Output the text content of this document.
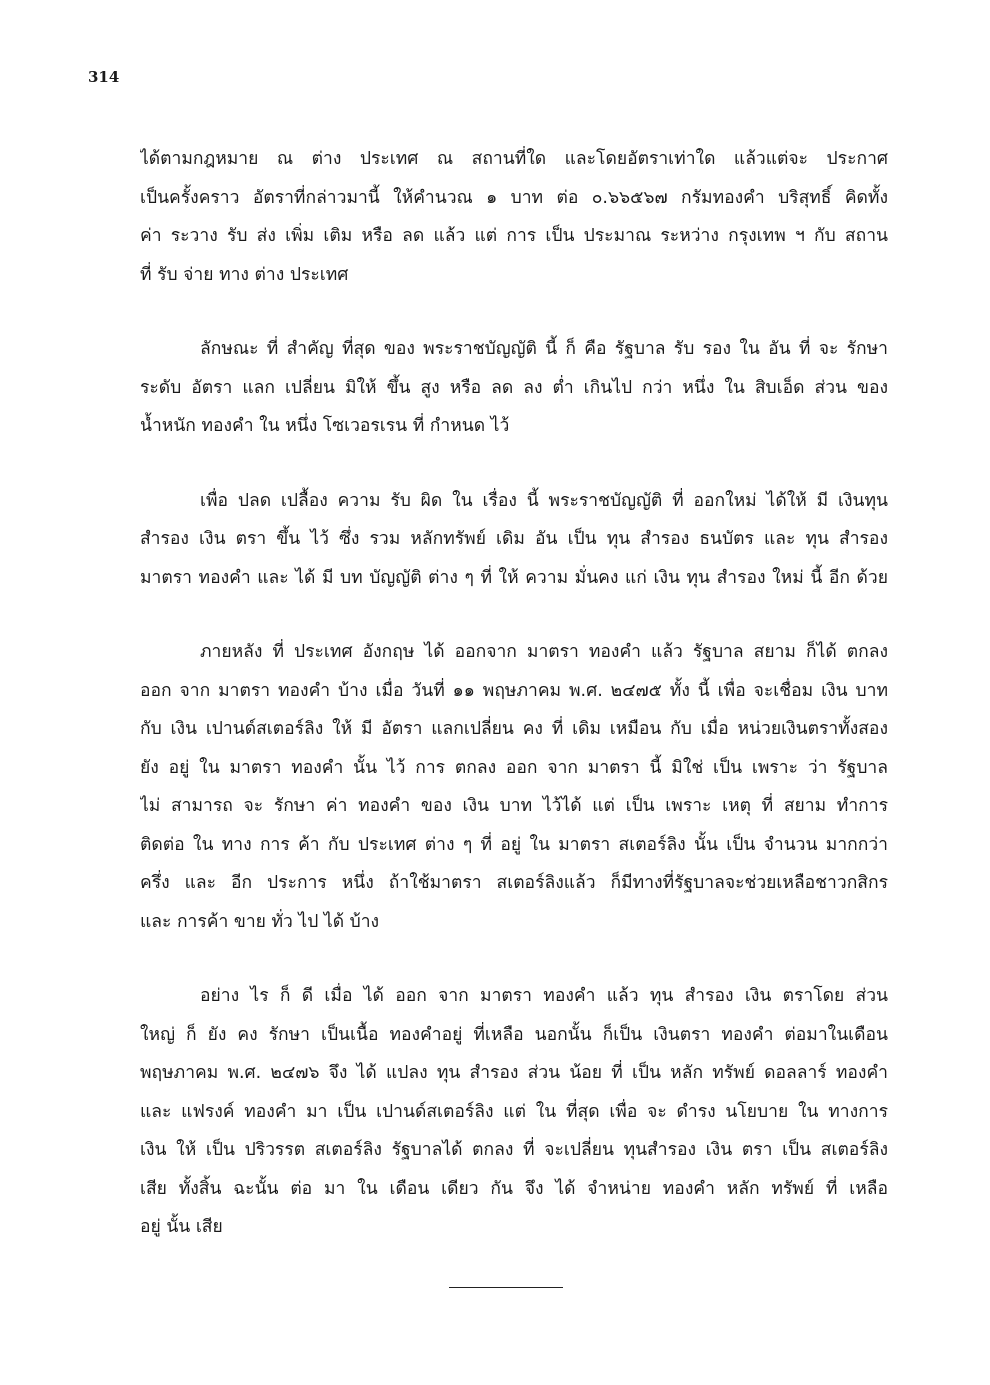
314
ได้ตามกฎหมาย ณ ต่าง ประเทศ ณ สถานที่ใด และโดยอัตราเท่าใด แล้วแต่จะ ประกาศ
เป็นครั้งคราว อัตราที่กล่าวมานี้ ให้คำนวณ ๑ บาท ต่อ ๐.๖๖๕๖๗ กรัมทองคำ บริสุทธิ์ คิดทั้ง
ค่า ระวาง รับ ส่ง เพิ่ม เติม หรือ ลด แล้ว แต่ การ เป็น ประมาณ ระหว่าง กรุงเทพ ฯ กับ สถาน
ที่ รับ จ่าย ทาง ต่าง ประเทศ
ลักษณะ ที่ สำคัญ ที่สุด ของ พระราชบัญญัติ นี้ ก็ คือ รัฐบาล รับ รอง ใน อัน ที่ จะ รักษา
ระดับ อัตรา แลก เปลี่ยน มิให้ ขึ้น สูง หรือ ลด ลง ต่ำ เกินไป กว่า หนึ่ง ใน สิบเอ็ด ส่วน ของ
น้ำหนัก ทองคำ ใน หนึ่ง โซเวอรเรน ที่ กำหนด ไว้
เพื่อ ปลด เปลื้อง ความ รับ ผิด ใน เรื่อง นี้ พระราชบัญญัติ ที่ ออกใหม่ ได้ให้ มี เงินทุน
สำรอง เงิน ตรา ขึ้น ไว้ ซึ่ง รวม หลักทรัพย์ เดิม อัน เป็น ทุน สำรอง ธนบัตร และ ทุน สำรอง
มาตรา ทองคำ และ ได้ มี บท บัญญัติ ต่าง ๆ ที่ ให้ ความ มั่นคง แก่ เงิน ทุน สำรอง ใหม่ นี้ อีก ด้วย
ภายหลัง ที่ ประเทศ อังกฤษ ได้ ออกจาก มาตรา ทองคำ แล้ว รัฐบาล สยาม ก็ได้ ตกลง
ออก จาก มาตรา ทองคำ บ้าง เมื่อ วันที่ ๑๑ พฤษภาคม พ.ศ. ๒๔๗๕ ทั้ง นี้ เพื่อ จะเชื่อม เงิน บาท
กับ เงิน เปานด์สเตอร์ลิง ให้ มี อัตรา แลกเปลี่ยน คง ที่ เดิม เหมือน กับ เมื่อ หน่วยเงินตราทั้งสอง
ยัง อยู่ ใน มาตรา ทองคำ นั้น ไว้ การ ตกลง ออก จาก มาตรา นี้ มิใช่ เป็น เพราะ ว่า รัฐบาล
ไม่ สามารถ จะ รักษา ค่า ทองคำ ของ เงิน บาท ไว้ได้ แต่ เป็น เพราะ เหตุ ที่ สยาม ทำการ
ติดต่อ ใน ทาง การ ค้า กับ ประเทศ ต่าง ๆ ที่ อยู่ ใน มาตรา สเตอร์ลิง นั้น เป็น จำนวน มากกว่า
ครึ่ง และ อีก ประการ หนึ่ง ถ้าใช้มาตรา สเตอร์ลิงแล้ว ก็มีทางที่รัฐบาลจะช่วยเหลือชาวกสิกร
และ การค้า ขาย ทั่ว ไป ได้ บ้าง
อย่าง ไร ก็ ดี เมื่อ ได้ ออก จาก มาตรา ทองคำ แล้ว ทุน สำรอง เงิน ตราโดย ส่วน
ใหญ่ ก็ ยัง คง รักษา เป็นเนื้อ ทองคำอยู่ ที่เหลือ นอกนั้น ก็เป็น เงินตรา ทองคำ ต่อมาในเดือน
พฤษภาคม พ.ศ. ๒๔๗๖ จึง ได้ แปลง ทุน สำรอง ส่วน น้อย ที่ เป็น หลัก ทรัพย์ ดอลลาร์ ทองคำ
และ แฟรงค์ ทองคำ มา เป็น เปานด์สเตอร์ลิง แต่ ใน ที่สุด เพื่อ จะ ดำรง นโยบาย ใน ทางการ
เงิน ให้ เป็น ปริวรรต สเตอร์ลิง รัฐบาลได้ ตกลง ที่ จะเปลี่ยน ทุนสำรอง เงิน ตรา เป็น สเตอร์ลิง
เสีย ทั้งสิ้น ฉะนั้น ต่อ มา ใน เดือน เดียว กัน จึง ได้ จำหน่าย ทองคำ หลัก ทรัพย์ ที่ เหลือ
อยู่ นั้น เสีย
